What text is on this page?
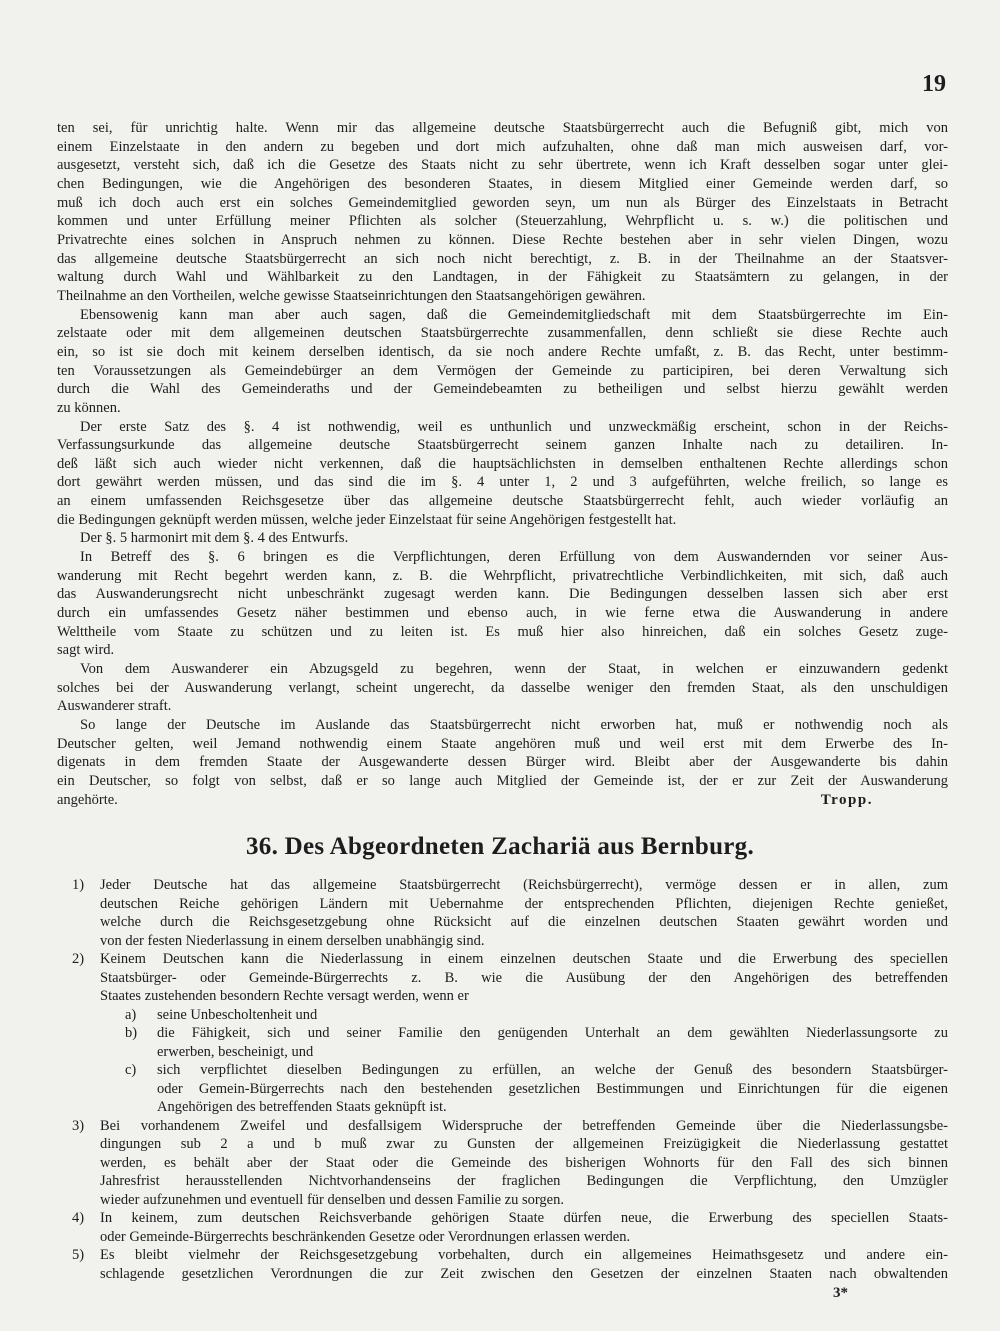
19
Tropp.
ten sei, für unrichtig halte. Wenn mir das allgemeine deutsche Staatsbürgerrecht auch die Befugniß gibt, mich von
einem Einzelstaate in den andern zu begeben und dort mich aufzuhalten, ohne daß man mich ausweisen darf, vor-
ausgesetzt, versteht sich, daß ich die Gesetze des Staats nicht zu sehr übertrete, wenn ich Kraft desselben sogar unter glei-
chen Bedingungen, wie die Angehörigen des besonderen Staates, in diesem Mitglied einer Gemeinde werden darf, so
muß ich doch auch erst ein solches Gemeindemitglied geworden seyn, um nun als Bürger des Einzelstaats in Betracht
kommen und unter Erfüllung meiner Pflichten als solcher (Steuerzahlung, Wehrpflicht u. s. w.) die politischen und
Privatrechte eines solchen in Anspruch nehmen zu können. Diese Rechte bestehen aber in sehr vielen Dingen, wozu
das allgemeine deutsche Staatsbürgerrecht an sich noch nicht berechtigt, z. B. in der Theilnahme an der Staatsver-
waltung durch Wahl und Wählbarkeit zu den Landtagen, in der Fähigkeit zu Staatsämtern zu gelangen, in der
Theilnahme an den Vortheilen, welche gewisse Staatseinrichtungen den Staatsangehörigen gewähren.
Ebensowenig kann man aber auch sagen, daß die Gemeindemitgliedschaft mit dem Staatsbürgerrechte im Ein-
zelstaate oder mit dem allgemeinen deutschen Staatsbürgerrechte zusammenfallen, denn schließt sie diese Rechte auch
ein, so ist sie doch mit keinem derselben identisch, da sie noch andere Rechte umfaßt, z. B. das Recht, unter bestimm-
ten Voraussetzungen als Gemeindebürger an dem Vermögen der Gemeinde zu participiren, bei deren Verwaltung sich
durch die Wahl des Gemeinderaths und der Gemeindebeamten zu betheiligen und selbst hierzu gewählt werden
zu können.
Der erste Satz des §. 4 ist nothwendig, weil es unthunlich und unzweckmäßig erscheint, schon in der Reichs-
Verfassungsurkunde das allgemeine deutsche Staatsbürgerrecht seinem ganzen Inhalte nach zu detailiren. In-
deß läßt sich auch wieder nicht verkennen, daß die hauptsächlichsten in demselben enthaltenen Rechte allerdings schon
dort gewährt werden müssen, und das sind die im §. 4 unter 1, 2 und 3 aufgeführten, welche freilich, so lange es
an einem umfassenden Reichsgesetze über das allgemeine deutsche Staatsbürgerrecht fehlt, auch wieder vorläufig an
die Bedingungen geknüpft werden müssen, welche jeder Einzelstaat für seine Angehörigen festgestellt hat.
Der §. 5 harmonirt mit dem §. 4 des Entwurfs.
In Betreff des §. 6 bringen es die Verpflichtungen, deren Erfüllung von dem Auswandernden vor seiner Aus-
wanderung mit Recht begehrt werden kann, z. B. die Wehrpflicht, privatrechtliche Verbindlichkeiten, mit sich, daß auch
das Auswanderungsrecht nicht unbeschränkt zugesagt werden kann. Die Bedingungen desselben lassen sich aber erst
durch ein umfassendes Gesetz näher bestimmen und ebenso auch, in wie ferne etwa die Auswanderung in andere
Welttheile vom Staate zu schützen und zu leiten ist. Es muß hier also hinreichen, daß ein solches Gesetz zuge-
sagt wird.
Von dem Auswanderer ein Abzugsgeld zu begehren, wenn der Staat, in welchen er einzuwandern gedenkt
solches bei der Auswanderung verlangt, scheint ungerecht, da dasselbe weniger den fremden Staat, als den unschuldigen
Auswanderer straft.
So lange der Deutsche im Auslande das Staatsbürgerrecht nicht erworben hat, muß er nothwendig noch als
Deutscher gelten, weil Jemand nothwendig einem Staate angehören muß und weil erst mit dem Erwerbe des In-
digenats in dem fremden Staate der Ausgewanderte dessen Bürger wird. Bleibt aber der Ausgewanderte bis dahin
ein Deutscher, so folgt von selbst, daß er so lange auch Mitglied der Gemeinde ist, der er zur Zeit der Auswanderung
angehörte.
36. Des Abgeordneten Zachariä aus Bernburg.
1) Jeder Deutsche hat das allgemeine Staatsbürgerrecht (Reichsbürgerrecht), vermöge dessen er in allen, zum
deutschen Reiche gehörigen Ländern mit Uebernahme der entsprechenden Pflichten, diejenigen Rechte genießet,
welche durch die Reichsgesetzgebung ohne Rücksicht auf die einzelnen deutschen Staaten gewährt worden und
von der festen Niederlassung in einem derselben unabhängig sind.
2) Keinem Deutschen kann die Niederlassung in einem einzelnen deutschen Staate und die Erwerbung des speciellen
Staatsbürger- oder Gemeinde-Bürgerrechts z. B. wie die Ausübung der den Angehörigen des betreffenden
Staates zustehenden besondern Rechte versagt werden, wenn er
a) seine Unbescholtenheit und
b) die Fähigkeit, sich und seiner Familie den genügenden Unterhalt an dem gewählten Niederlassungsorte zu
erwerben, bescheinigt, und
c) sich verpflichtet dieselben Bedingungen zu erfüllen, an welche der Genuß des besondern Staatsbürger-
oder Gemein-Bürgerrechts nach den bestehenden gesetzlichen Bestimmungen und Einrichtungen für die eigenen
Angehörigen des betreffenden Staats geknüpft ist.
3) Bei vorhandenem Zweifel und desfallsigem Widerspruche der betreffenden Gemeinde über die Niederlassungsbe-
dingungen sub 2 a und b muß zwar zu Gunsten der allgemeinen Freizügigkeit die Niederlassung gestattet
werden, es behält aber der Staat oder die Gemeinde des bisherigen Wohnorts für den Fall des sich binnen
Jahresfrist herausstellenden Nichtvorhandenseins der fraglichen Bedingungen die Verpflichtung, den Umzügler
wieder aufzunehmen und eventuell für denselben und dessen Familie zu sorgen.
4) In keinem, zum deutschen Reichsverbande gehörigen Staate dürfen neue, die Erwerbung des speciellen Staats-
oder Gemeinde-Bürgerrechts beschränkenden Gesetze oder Verordnungen erlassen werden.
5) Es bleibt vielmehr der Reichsgesetzgebung vorbehalten, durch ein allgemeines Heimathsgesetz und andere ein-
schlagende gesetzlichen Verordnungen die zur Zeit zwischen den Gesetzen der einzelnen Staaten nach obwaltenden
3*
